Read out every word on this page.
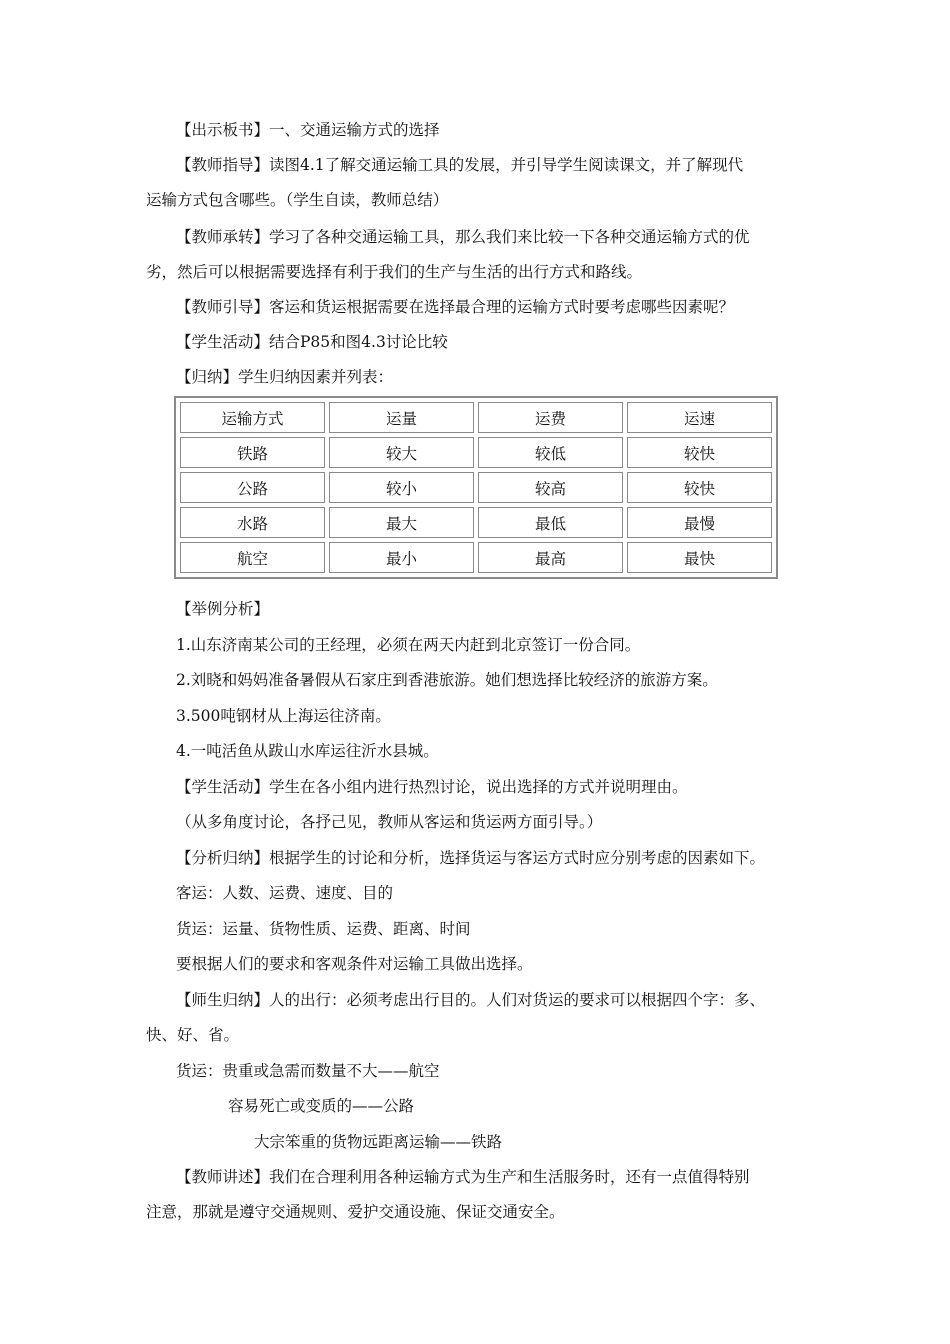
【出示板书】一、交通运输方式的选择
【教师指导】读图4.1了解交通运输工具的发展，并引导学生阅读课文，并了解现代
运输方式包含哪些。（学生自读，教师总结）
【教师承转】学习了各种交通运输工具，那么我们来比较一下各种交通运输方式的优
劣，然后可以根据需要选择有利于我们的生产与生活的出行方式和路线。
【教师引导】客运和货运根据需要在选择最合理的运输方式时要考虑哪些因素呢？
【学生活动】结合P85和图4.3讨论比较
【归纳】学生归纳因素并列表：
运输方式	运量	运费	运速
铁路	较大	较低	较快
公路	较小	较高	较快
水路	最大	最低	最慢
航空	最小	最高	最快
【举例分析】
1.山东济南某公司的王经理，必须在两天内赶到北京签订一份合同。
2.刘晓和妈妈准备暑假从石家庄到香港旅游。她们想选择比较经济的旅游方案。
3.500吨钢材从上海运往济南。
4.一吨活鱼从跋山水库运往沂水县城。
【学生活动】学生在各小组内进行热烈讨论，说出选择的方式并说明理由。
（从多角度讨论，各抒己见，教师从客运和货运两方面引导。）
【分析归纳】根据学生的讨论和分析，选择货运与客运方式时应分别考虑的因素如下。
客运：人数、运费、速度、目的
货运：运量、货物性质、运费、距离、时间
要根据人们的要求和客观条件对运输工具做出选择。
【师生归纳】人的出行：必须考虑出行目的。人们对货运的要求可以根据四个字：多、
快、好、省。
货运：贵重或急需而数量不大——航空
容易死亡或变质的——公路
大宗笨重的货物远距离运输——铁路
【教师讲述】我们在合理利用各种运输方式为生产和生活服务时，还有一点值得特别
注意，那就是遵守交通规则、爱护交通设施、保证交通安全。
